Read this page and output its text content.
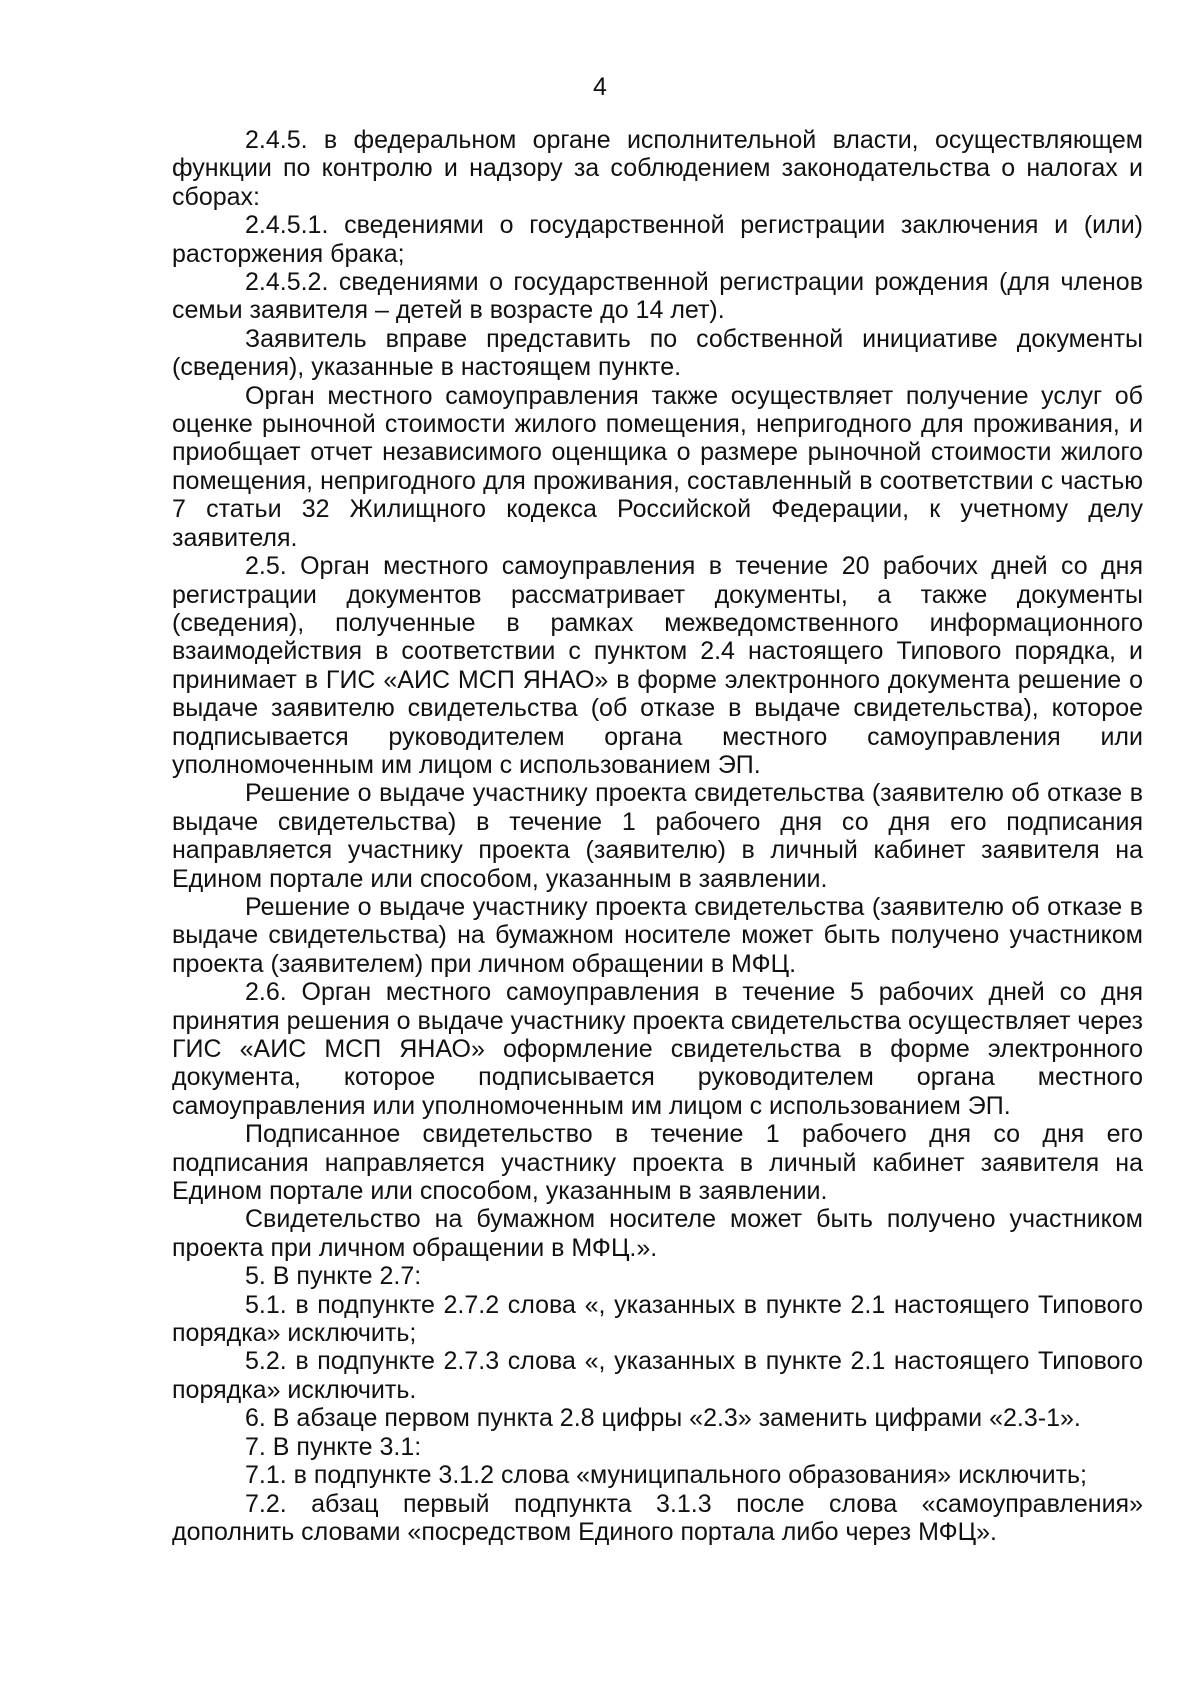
4

2.4.5. в федеральном органе исполнительной власти, осуществляющем функции по контролю и надзору за соблюдением законодательства о налогах и сборах:

2.4.5.1. сведениями о государственной регистрации заключения и (или) расторжения брака;

2.4.5.2. сведениями о государственной регистрации рождения (для членов семьи заявителя – детей в возрасте до 14 лет).

Заявитель вправе представить по собственной инициативе документы (сведения), указанные в настоящем пункте.

Орган местного самоуправления также осуществляет получение услуг об оценке рыночной стоимости жилого помещения, непригодного для проживания, и приобщает отчет независимого оценщика о размере рыночной стоимости жилого помещения, непригодного для проживания, составленный в соответствии с частью 7 статьи 32 Жилищного кодекса Российской Федерации, к учетному делу заявителя.

2.5. Орган местного самоуправления в течение 20 рабочих дней со дня регистрации документов рассматривает документы, а также документы (сведения), полученные в рамках межведомственного информационного взаимодействия в соответствии с пунктом 2.4 настоящего Типового порядка, и принимает в ГИС «АИС МСП ЯНАО» в форме электронного документа решение о выдаче заявителю свидетельства (об отказе в выдаче свидетельства), которое подписывается руководителем органа местного самоуправления или уполномоченным им лицом с использованием ЭП.

Решение о выдаче участнику проекта свидетельства (заявителю об отказе в выдаче свидетельства) в течение 1 рабочего дня со дня его подписания направляется участнику проекта (заявителю) в личный кабинет заявителя на Едином портале или способом, указанным в заявлении.

Решение о выдаче участнику проекта свидетельства (заявителю об отказе в выдаче свидетельства) на бумажном носителе может быть получено участником проекта (заявителем) при личном обращении в МФЦ.

2.6. Орган местного самоуправления в течение 5 рабочих дней со дня принятия решения о выдаче участнику проекта свидетельства осуществляет через ГИС «АИС МСП ЯНАО» оформление свидетельства в форме электронного документа, которое подписывается руководителем органа местного самоуправления или уполномоченным им лицом с использованием ЭП.

Подписанное свидетельство в течение 1 рабочего дня со дня его подписания направляется участнику проекта в личный кабинет заявителя на Едином портале или способом, указанным в заявлении.

Свидетельство на бумажном носителе может быть получено участником проекта при личном обращении в МФЦ.».

5. В пункте 2.7:

5.1. в подпункте 2.7.2 слова «, указанных в пункте 2.1 настоящего Типового порядка» исключить;

5.2. в подпункте 2.7.3 слова «, указанных в пункте 2.1 настоящего Типового порядка» исключить.

6. В абзаце первом пункта 2.8 цифры «2.3» заменить цифрами «2.3-1».

7. В пункте 3.1:

7.1. в подпункте 3.1.2 слова «муниципального образования» исключить;

7.2. абзац первый подпункта 3.1.3 после слова «самоуправления» дополнить словами «посредством Единого портала либо через МФЦ».
